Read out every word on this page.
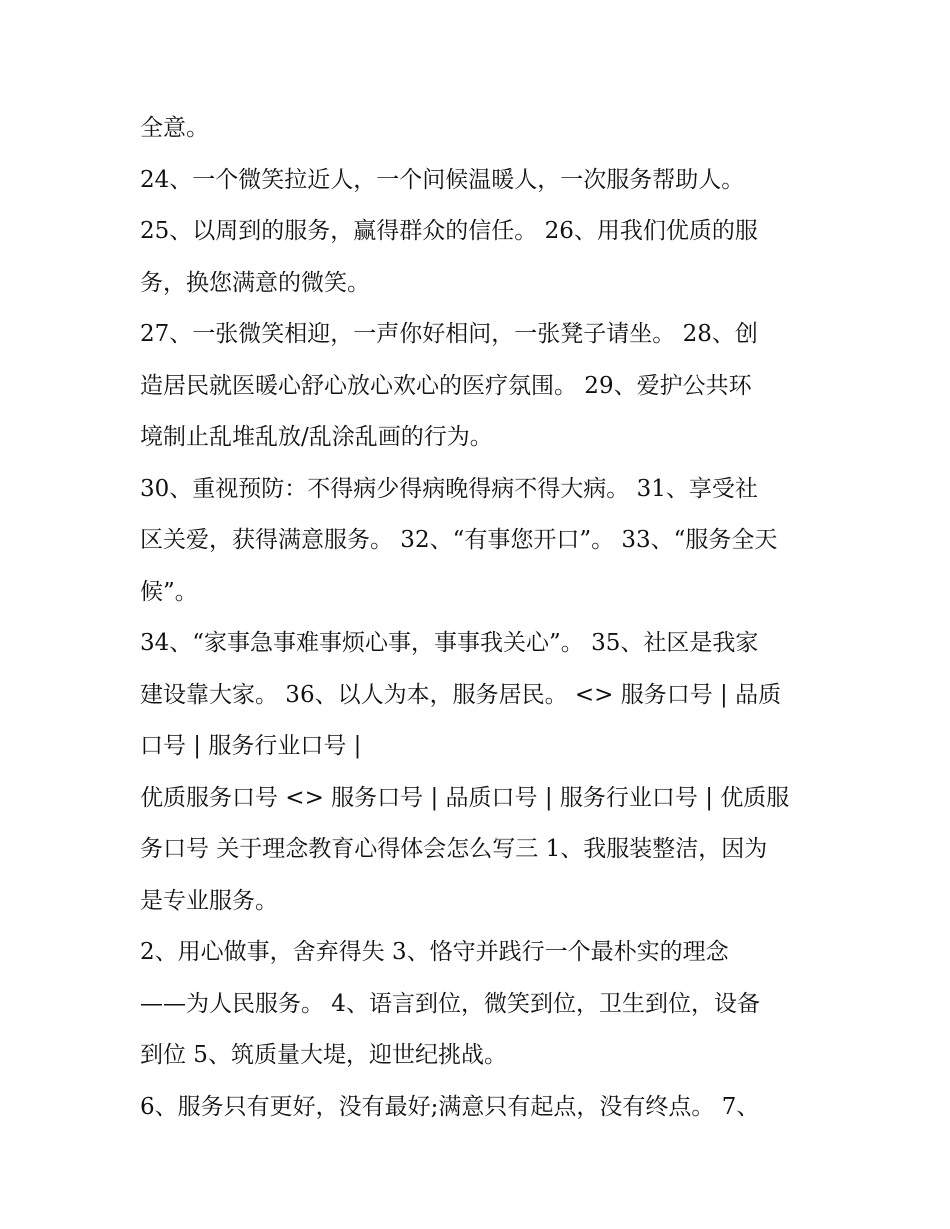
全意。
24、一个微笑拉近人，一个问候温暖人，一次服务帮助人。
25、以周到的服务，赢得群众的信任。 26、用我们优质的服
务，换您满意的微笑。
27、一张微笑相迎，一声你好相问，一张凳子请坐。 28、创
造居民就医暖心舒心放心欢心的医疗氛围。 29、爱护公共环
境制止乱堆乱放/乱涂乱画的行为。
30、重视预防：不得病少得病晚得病不得大病。 31、享受社
区关爱，获得满意服务。 32、“有事您开口”。 33、“服务全天
候”。
34、“家事急事难事烦心事，事事我关心”。 35、社区是我家
建设靠大家。 36、以人为本，服务居民。 <> 服务口号 | 品质
口号 | 服务行业口号 |
优质服务口号 <> 服务口号 | 品质口号 | 服务行业口号 | 优质服
务口号 关于理念教育心得体会怎么写三 1、我服装整洁，因为
是专业服务。
2、用心做事，舍弃得失 3、恪守并践行一个最朴实的理念
——为人民服务。 4、语言到位，微笑到位，卫生到位，设备
到位 5、筑质量大堤，迎世纪挑战。
6、服务只有更好，没有最好;满意只有起点，没有终点。 7、
